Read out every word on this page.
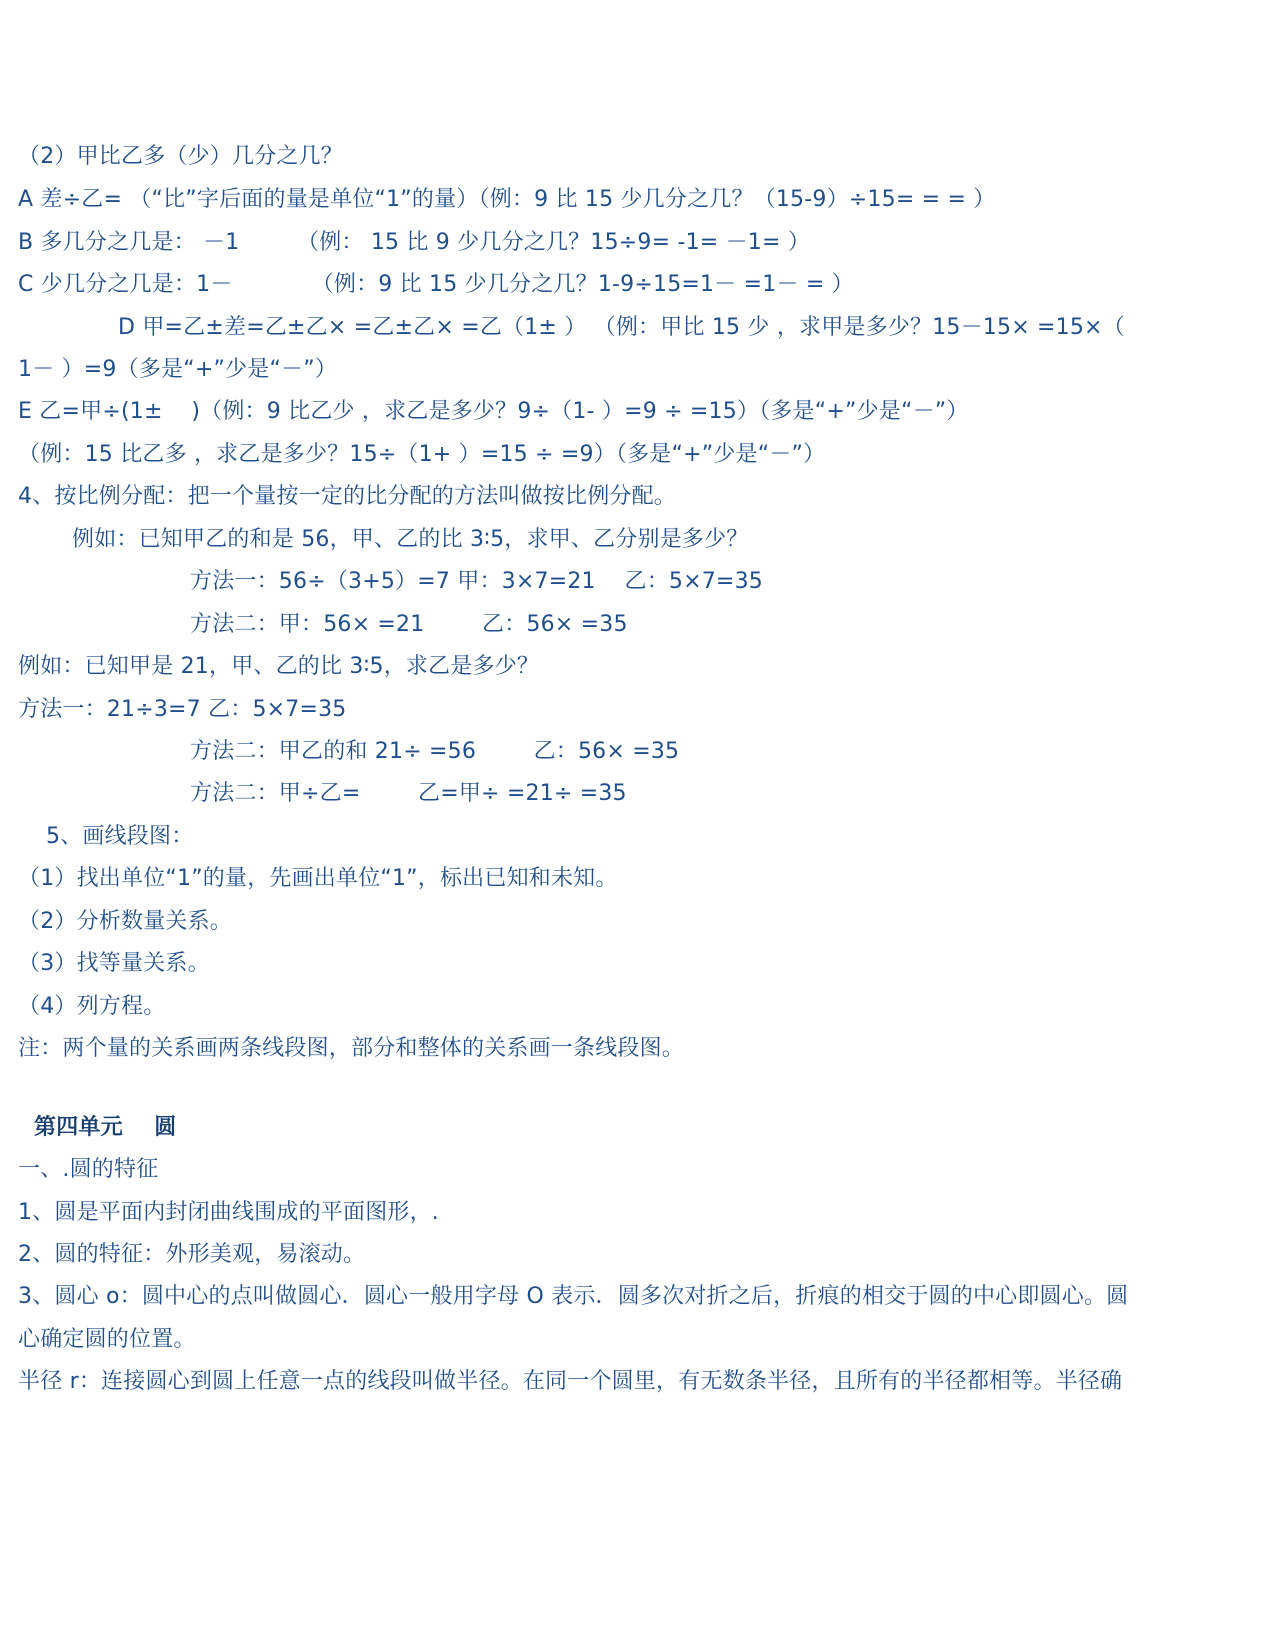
（2）甲比乙多（少）几分之几？
A 差÷乙= （“比”字后面的量是单位“1”的量）（例：9 比 15 少几分之几？（15-9）÷15= = = ）
B 多几分之几是： －1        （例： 15 比 9 少几分之几？15÷9= -1= －1= ）
C 少几分之几是：1－           （例：9 比 15 少几分之几？1-9÷15=1－ =1－ = ）
D 甲=乙±差=乙±乙× =乙±乙× =乙（1± ） （例：甲比 15 少 ，求甲是多少？15－15× =15×（
1－ ）=9（多是“+”少是“－”）
E 乙=甲÷(1±    )（例：9 比乙少 ，求乙是多少？9÷（1- ）=9 ÷ =15）（多是“+”少是“－”）
（例：15 比乙多 ，求乙是多少？15÷（1+ ）=15 ÷ =9）（多是“+”少是“－”）
4、按比例分配：把一个量按一定的比分配的方法叫做按比例分配。
例如：已知甲乙的和是 56，甲、乙的比 3∶5，求甲、乙分别是多少？
方法一：56÷（3+5）=7 甲：3×7=21    乙：5×7=35
方法二：甲：56× =21        乙：56× =35
例如：已知甲是 21，甲、乙的比 3∶5，求乙是多少？
方法一：21÷3=7 乙：5×7=35
方法二：甲乙的和 21÷ =56        乙：56× =35
方法二：甲÷乙=        乙=甲÷ =21÷ =35
5、画线段图：
（1）找出单位“1”的量，先画出单位“1”，标出已知和未知。
（2）分析数量关系。
（3）找等量关系。
（4）列方程。
注：两个量的关系画两条线段图，部分和整体的关系画一条线段图。
第四单元    圆
一、.圆的特征
1、圆是平面内封闭曲线围成的平面图形，.
2、圆的特征：外形美观，易滚动。
3、圆心 o：圆中心的点叫做圆心．圆心一般用字母 O 表示．圆多次对折之后，折痕的相交于圆的中心即圆心。圆
心确定圆的位置。
半径 r：连接圆心到圆上任意一点的线段叫做半径。在同一个圆里，有无数条半径，且所有的半径都相等。半径确
